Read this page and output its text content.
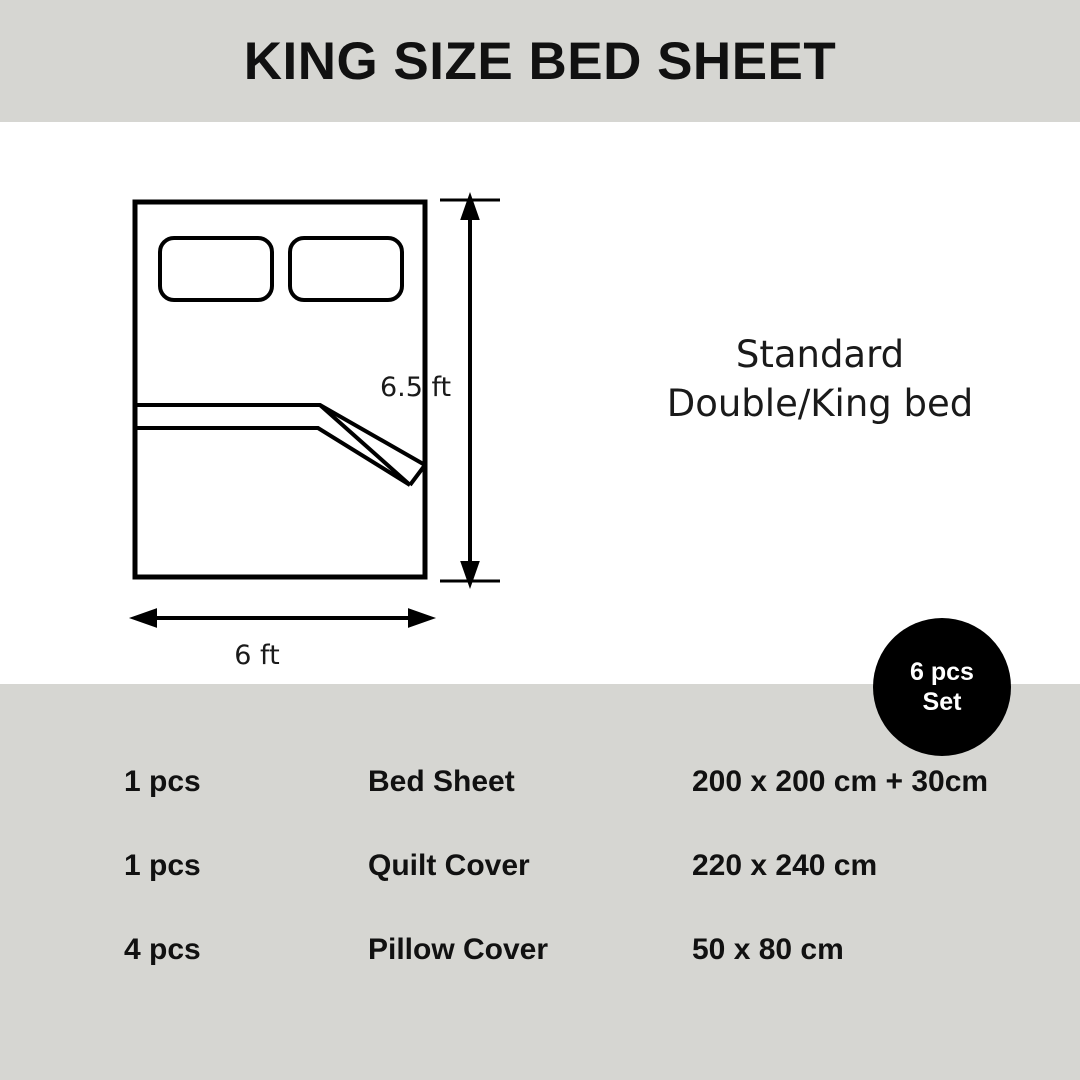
KING SIZE BED SHEET
6.5 ft
6 ft
Standard
Double/King bed
6 pcs
Set
1 pcs	Bed Sheet	200 x 200 cm + 30cm
1 pcs	Quilt Cover	220 x 240 cm
4 pcs	Pillow Cover	50 x 80 cm
